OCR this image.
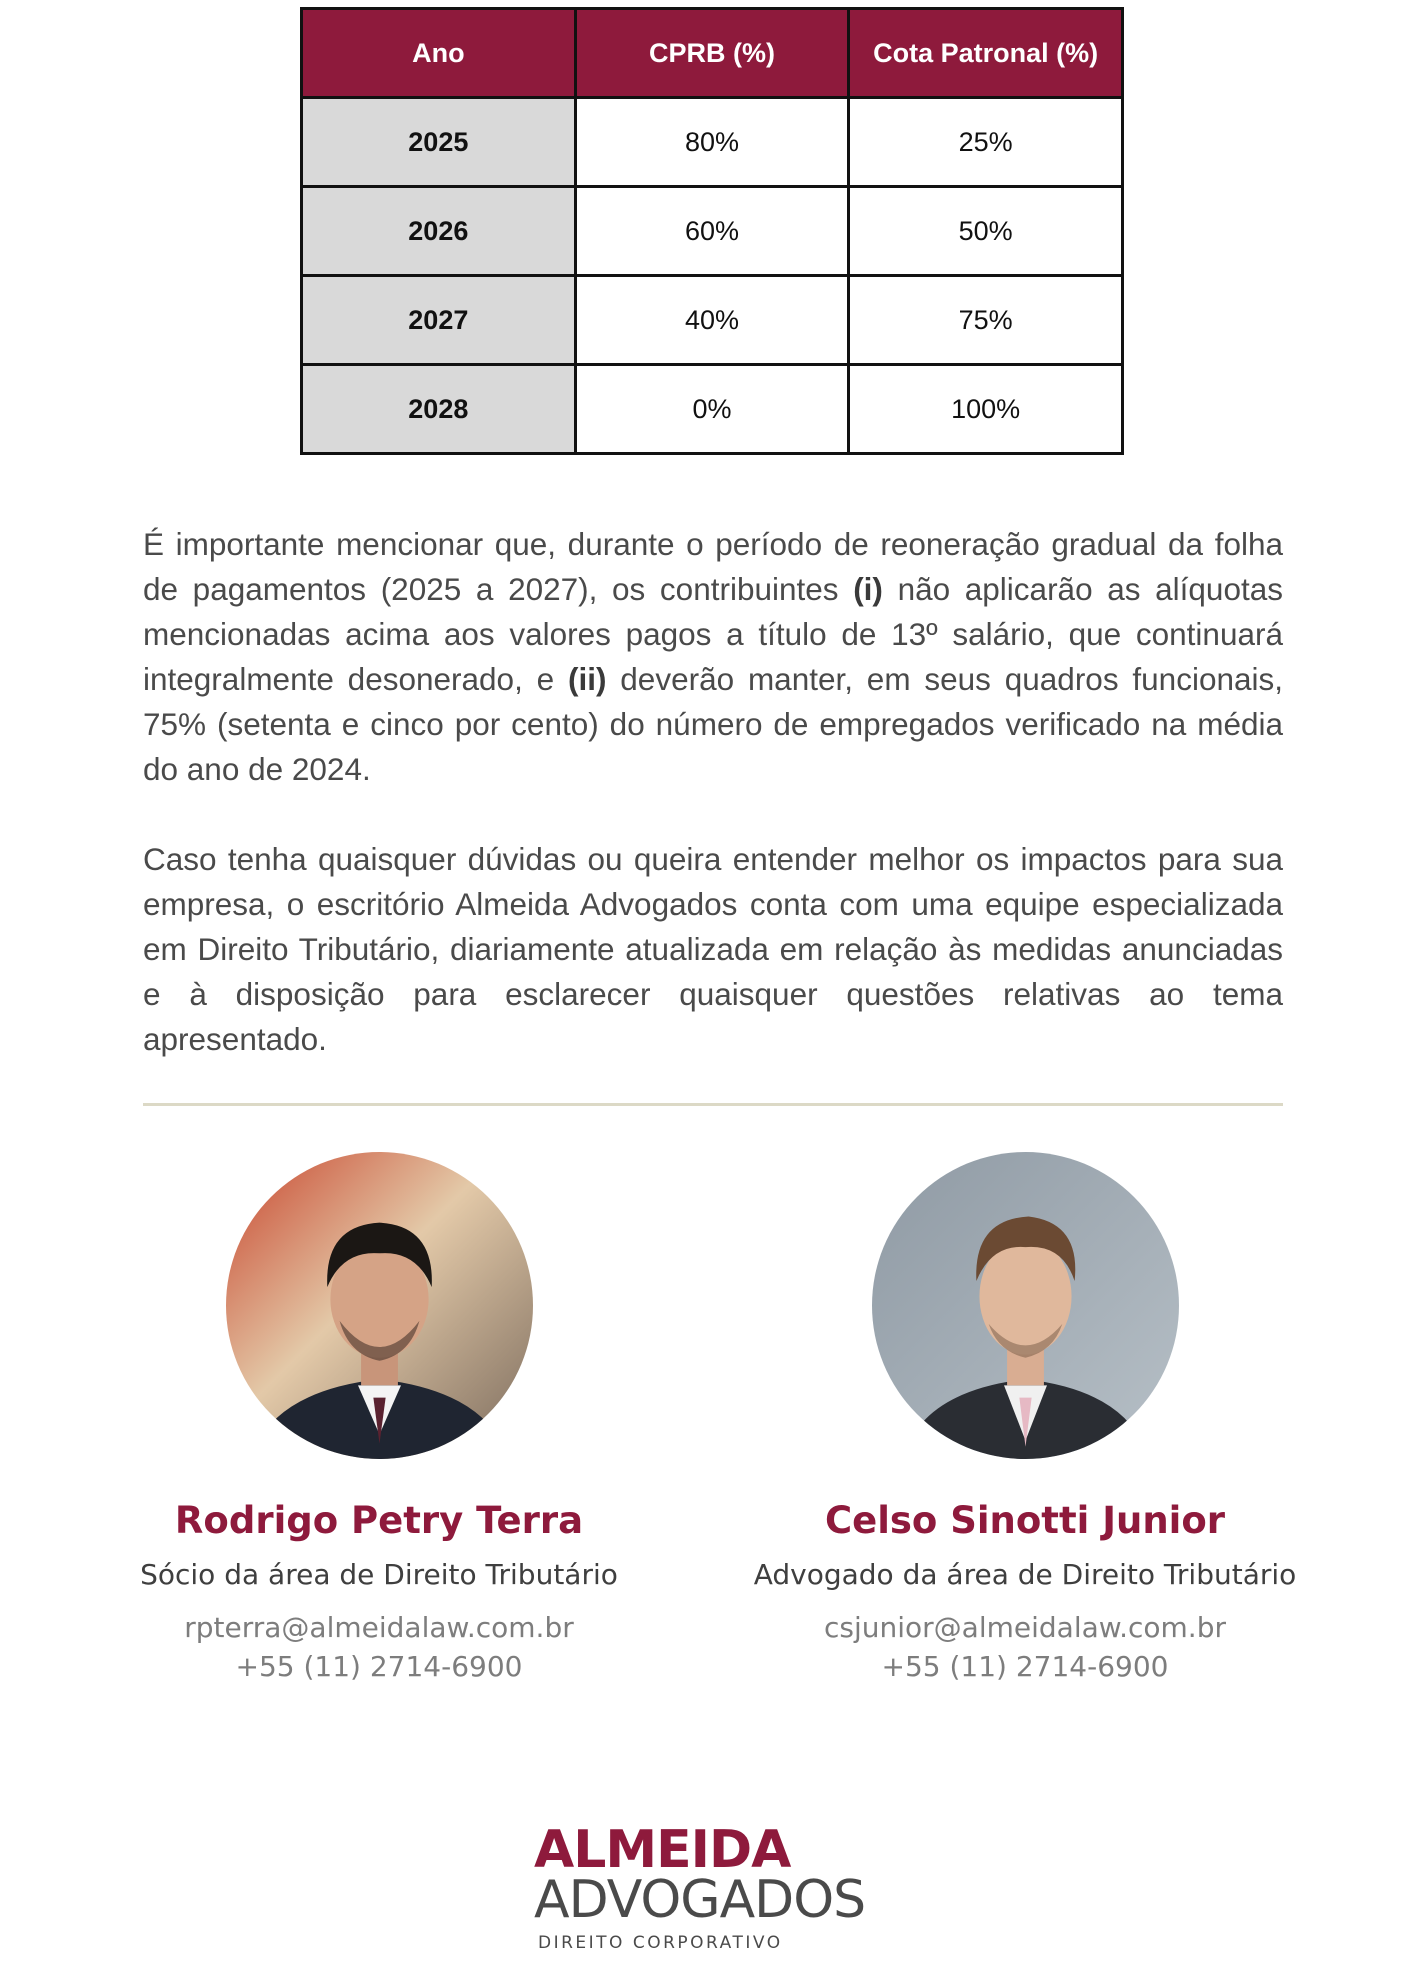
Ano	CPRB (%)	Cota Patronal (%)
2025	80%	25%
2026	60%	50%
2027	40%	75%
2028	0%	100%

É importante mencionar que, durante o período de reoneração gradual da folha de pagamentos (2025 a 2027), os contribuintes (i) não aplicarão as alíquotas mencionadas acima aos valores pagos a título de 13º salário, que continuará integralmente desonerado, e (ii) deverão manter, em seus quadros funcionais, 75% (setenta e cinco por cento) do número de empregados verificado na média do ano de 2024.

Caso tenha quaisquer dúvidas ou queira entender melhor os impactos para sua empresa, o escritório Almeida Advogados conta com uma equipe especializada em Direito Tributário, diariamente atualizada em relação às medidas anunciadas e à disposição para esclarecer quaisquer questões relativas ao tema apresentado.

Rodrigo Petry Terra
Sócio da área de Direito Tributário
rpterra@almeidalaw.com.br
+55 (11) 2714-6900
Celso Sinotti Junior
Advogado da área de Direito Tributário
csjunior@almeidalaw.com.br
+55 (11) 2714-6900
ALMEIDA
ADVOGADOS
DIREITO CORPORATIVO
